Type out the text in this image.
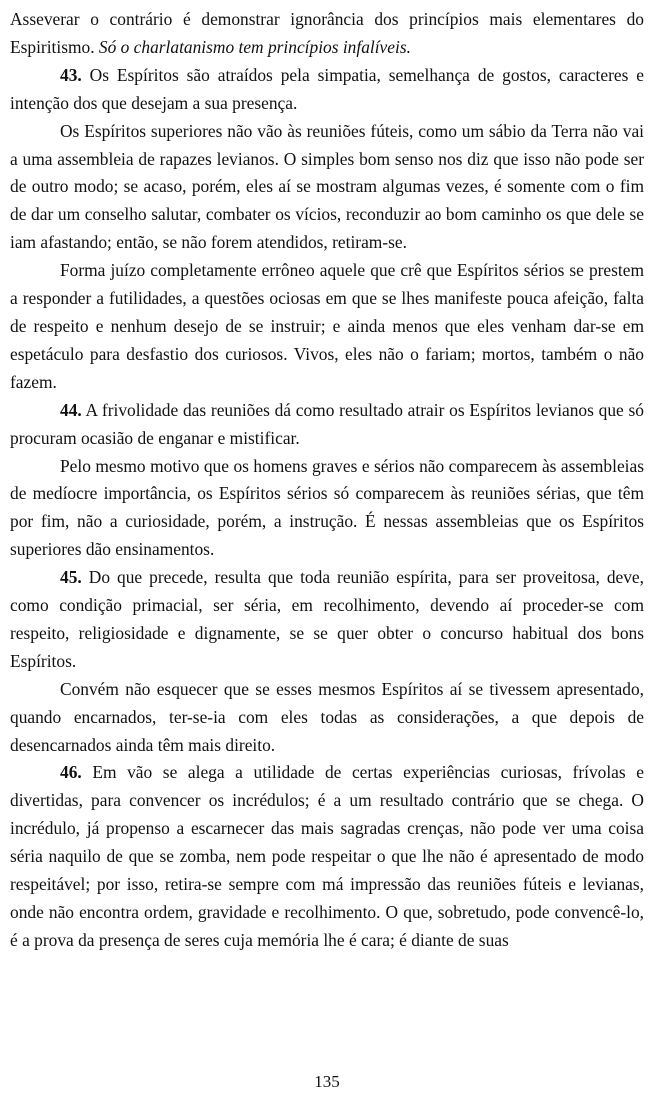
Asseverar o contrário é demonstrar ignorância dos princípios mais elementares do Espiritismo. Só o charlatanismo tem princípios infalíveis.

43. Os Espíritos são atraídos pela simpatia, semelhança de gostos, caracteres e intenção dos que desejam a sua presença.

Os Espíritos superiores não vão às reuniões fúteis, como um sábio da Terra não vai a uma assembleia de rapazes levianos. O simples bom senso nos diz que isso não pode ser de outro modo; se acaso, porém, eles aí se mostram algumas vezes, é somente com o fim de dar um conselho salutar, combater os vícios, reconduzir ao bom caminho os que dele se iam afastando; então, se não forem atendidos, retiram-se.

Forma juízo completamente errôneo aquele que crê que Espíritos sérios se prestem a responder a futilidades, a questões ociosas em que se lhes manifeste pouca afeição, falta de respeito e nenhum desejo de se instruir; e ainda menos que eles venham dar-se em espetáculo para desfastio dos curiosos. Vivos, eles não o fariam; mortos, também o não fazem.

44. A frivolidade das reuniões dá como resultado atrair os Espíritos levianos que só procuram ocasião de enganar e mistificar.

Pelo mesmo motivo que os homens graves e sérios não comparecem às assembleias de medíocre importância, os Espíritos sérios só comparecem às reuniões sérias, que têm por fim, não a curiosidade, porém, a instrução. É nessas assembleias que os Espíritos superiores dão ensinamentos.

45. Do que precede, resulta que toda reunião espírita, para ser proveitosa, deve, como condição primacial, ser séria, em recolhimento, devendo aí proceder-se com respeito, religiosidade e dignamente, se se quer obter o concurso habitual dos bons Espíritos.

Convém não esquecer que se esses mesmos Espíritos aí se tivessem apresentado, quando encarnados, ter-se-ia com eles todas as considerações, a que depois de desencarnados ainda têm mais direito.

46. Em vão se alega a utilidade de certas experiências curiosas, frívolas e divertidas, para convencer os incrédulos; é a um resultado contrário que se chega. O incrédulo, já propenso a escarnecer das mais sagradas crenças, não pode ver uma coisa séria naquilo de que se zomba, nem pode respeitar o que lhe não é apresentado de modo respeitável; por isso, retira-se sempre com má impressão das reuniões fúteis e levianas, onde não encontra ordem, gravidade e recolhimento. O que, sobretudo, pode convencê-lo, é a prova da presença de seres cuja memória lhe é cara; é diante de suas

135
